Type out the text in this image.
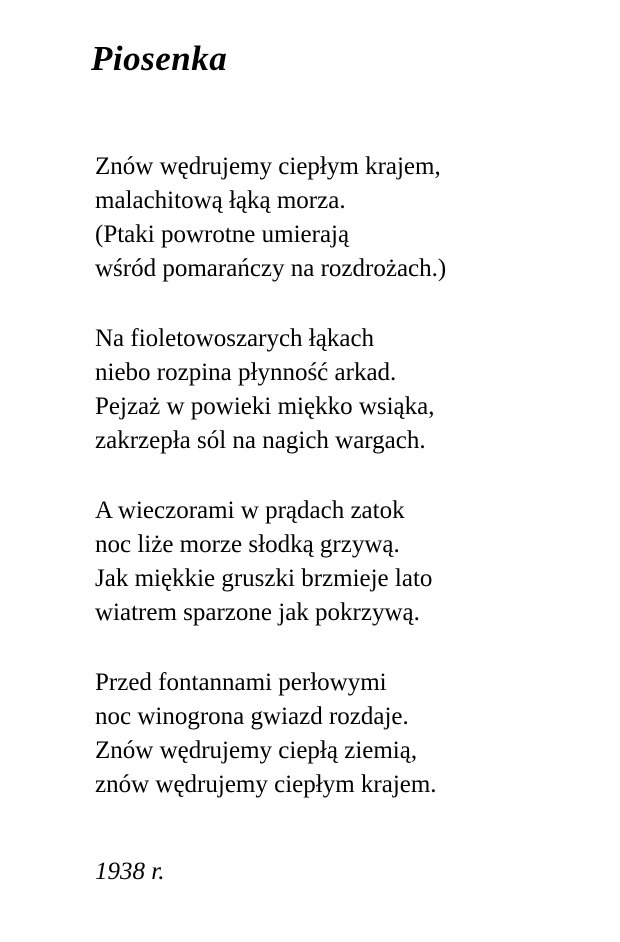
Piosenka

Znów wędrujemy ciepłym krajem,
malachitową łąką morza.
(Ptaki powrotne umierają
wśród pomarańczy na rozdrożach.)

Na fioletowoszarych łąkach
niebo rozpina płynność arkad.
Pejzaż w powieki miękko wsiąka,
zakrzepła sól na nagich wargach.

A wieczorami w prądach zatok
noc liże morze słodką grzywą.
Jak miękkie gruszki brzmieje lato
wiatrem sparzone jak pokrzywą.

Przed fontannami perłowymi
noc winogrona gwiazd rozdaje.
Znów wędrujemy ciepłą ziemią,
znów wędrujemy ciepłym krajem.

1938 r.
